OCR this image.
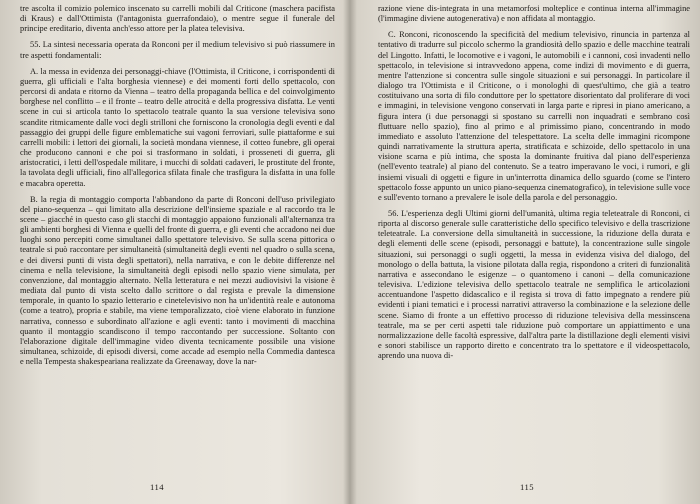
tre ascolta il comizio polemico inscenato su carrelli mobili dal Criticone (maschera pacifista di Kraus) e dall'Ottimista (l'antagonista guerrafondaio), o mentre segue il funerale del principe ereditario, diventa anch'esso attore per la platea televisiva.

55. La sintesi necessaria operata da Ronconi per il medium televisivo si può riassumere in tre aspetti fondamentali:

A. la messa in evidenza dei personaggi-chiave (l'Ottimista, il Criticone, i corrispondenti di guerra, gli ufficiali e l'alta borghesia viennese) e dei momenti forti dello spettacolo, con percorsi di andata e ritorno da Vienna – teatro della propaganda bellica e del coinvolgimento borghese nel conflitto – e il fronte – teatro delle atrocità e della progressiva disfatta. Le venti scene in cui si articola tanto lo spettacolo teatrale quanto la sua versione televisiva sono scandite ritmicamente dalle voci degli strilloni che forniscono la cronologia degli eventi e dal passaggio dei gruppi delle figure emblematiche sui vagoni ferroviari, sulle piattaforme e sui carrelli mobili: i lettori dei giornali, la società mondana viennese, il cotteo funebre, gli operai che producono cannoni e che poi si trasformano in soldati, i prosseneti di guerra, gli aristocratici, i letti dell'ospedale militare, i mucchi di soldati cadaveri, le prostitute del fronte, la tavolata degli ufficiali, fino all'allegorica sfilata finale che trasfigura la disfatta in una folle e macabra operetta.

B. la regia di montaggio comporta l'abbandono da parte di Ronconi dell'uso privilegiato del piano-sequenza – qui limitato alla descrizione dell'insieme spaziale e al raccordo tra le scene – giacché in questo caso gli stacchi di montaggio appaiono funzionali all'alternanza tra gli ambienti borghesi di Vienna e quelli del fronte di guerra, e gli eventi che accadono nei due luoghi sono percepiti come simultanei dallo spettatore televisivo. Se sulla scena pittorica o teatrale si può raccontare per simultaneità (simultaneità degli eventi nel quadro o sulla scena, e dei diversi punti di vista degli spettatori), nella narrativa, e con le debite differenze nel cinema e nella televisione, la simultaneità degli episodi nello spazio viene simulata, per convenzione, dal montaggio alternato. Nella letteratura e nei mezzi audiovisivi la visione è mediata dal punto di vista scelto dallo scrittore o dal regista e prevale la dimensione temporale, in quanto lo spazio letterario e cinetelevisivo non ha un'identità reale e autonoma (come a teatro), propria e stabile, ma viene temporalizzato, cioè viene elaborato in funzione narrativa, connesso e subordinato all'azione e agli eventi: tanto i movimenti di macchina quanto il montaggio scandiscono il tempo raccontando per successione. Soltanto con l'elaborazione digitale dell'immagine video diventa tecnicamente possibile una visione simultanea, schizoide, di episodi diversi, come accade ad esempio nella Commedia dantesca e nella Tempesta shakespeariana realizzate da Greenaway, dove la nar-

114

razione viene dis-integrata in una metamorfosi molteplice e continua interna all'immagine (l'immagine diviene autogenerativa) e non affidata al montaggio.

C. Ronconi, riconoscendo la specificità del medium televisivo, rinuncia in partenza al tentativo di tradurre sul piccolo schermo la grandiosità dello spazio e delle macchine teatrali del Lingotto. Infatti, le locomotive e i vagoni, le automobili e i cannoni, così invadenti nello spettacolo, in televisione si intravvedono appena, come indizi di movimento e di guerra, mentre l'attenzione si concentra sulle singole situazioni e sui personaggi. In particolare il dialogo tra l'Ottimista e il Criticone, o i monologhi di quest'ultimo, che già a teatro costituivano una sorta di filo conduttore per lo spettatore disorientato dal proliferare di voci e immagini, in televisione vengono conservati in larga parte e ripresi in piano americano, a figura intera (i due personaggi si spostano su carrelli non inquadrati e sembrano così fluttuare nello spazio), fino al primo e al primissimo piano, concentrando in modo immediato e assoluto l'attenzione del telespettatore. La scelta delle immagini ricompone quindi narrativamente la struttura aperta, stratificata e schizoide, dello spettacolo in una visione scarna e più intima, che sposta la dominante fruitiva dal piano dell'esperienza (nell'evento teatrale) al piano del contenuto. Se a teatro imperavano le voci, i rumori, e gli insiemi visuali di oggetti e figure in un'interrotta dinamica dello sguardo (come se l'intero spettacolo fosse appunto un unico piano-sequenza cinematografico), in televisione sulle voce e sull'evento tornano a prevalere le isole della parola e del personaggio.

56. L'esperienza degli Ultimi giorni dell'umanità, ultima regia teleteatrale di Ronconi, ci riporta al discorso generale sulle caratteristiche dello specifico televisivo e della trascrizione teleteatrale. La conversione della simultaneità in successione, la riduzione della durata e degli elementi delle scene (episodi, personaggi e battute), la concentrazione sulle singole situazioni, sui personaggi o sugli oggetti, la messa in evidenza visiva del dialogo, del monologo o della battuta, la visione pilotata dalla regia, rispondono a criteri di funzionalità narrativa e assecondano le esigenze – o quantomeno i canoni – della comunicazione televisiva. L'edizione televisiva dello spettacolo teatrale ne semplifica le articolazioni accentuandone l'aspetto didascalico e il regista si trova di fatto impegnato a rendere più evidenti i piani tematici e i processi narrativi attraverso la combinazione e la selezione delle scene. Siamo di fronte a un effettivo processo di riduzione televisiva della messinscena teatrale, ma se per certi aspetti tale riduzione può comportare un appiattimento e una normalizzazione delle facoltà espressive, dall'altra parte la distillazione degli elementi visivi e sonori stabilisce un rapporto diretto e concentrato tra lo spettatore e il videospettacolo, aprendo una nuova di-

115
